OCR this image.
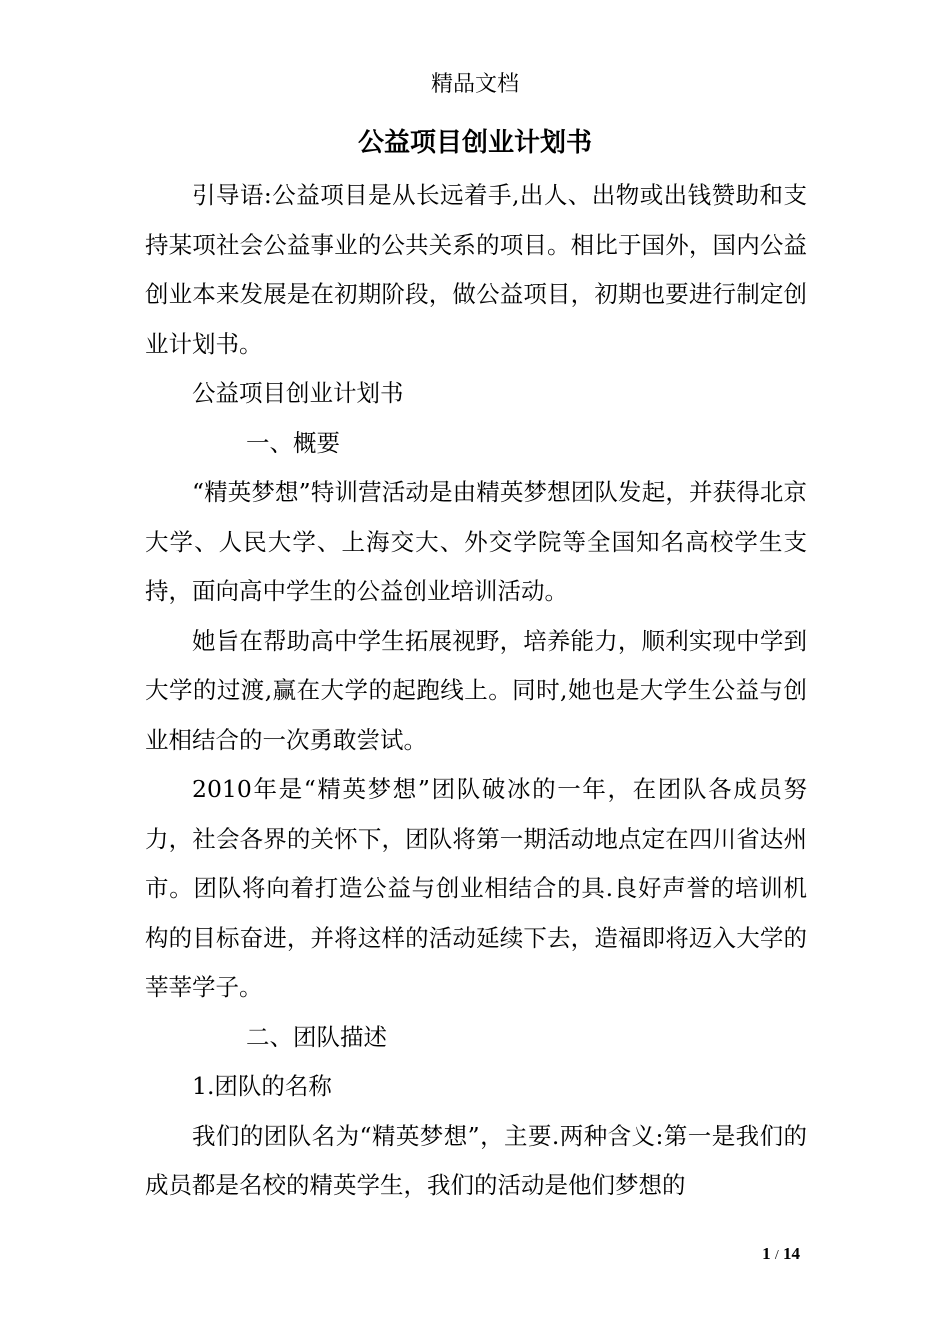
精品文档
公益项目创业计划书

引导语:公益项目是从长远着手,出人、出物或出钱赞助和支持某项社会公益事业的公共关系的项目。相比于国外，国内公益创业本来发展是在初期阶段，做公益项目，初期也要进行制定创业计划书。

公益项目创业计划书

一、概要

“精英梦想”特训营活动是由精英梦想团队发起，并获得北京大学、人民大学、上海交大、外交学院等全国知名高校学生支持，面向高中学生的公益创业培训活动。

她旨在帮助高中学生拓展视野，培养能力，顺利实现中学到大学的过渡,赢在大学的起跑线上。同时,她也是大学生公益与创业相结合的一次勇敢尝试。

2010年是“精英梦想”团队破冰的一年，在团队各成员努力，社会各界的关怀下，团队将第一期活动地点定在四川省达州市。团队将向着打造公益与创业相结合的具.良好声誉的培训机构的目标奋进，并将这样的活动延续下去，造福即将迈入大学的莘莘学子。

二、团队描述

1.团队的名称

我们的团队名为“精英梦想”，主要.两种含义:第一是我们的成员都是名校的精英学生，我们的活动是他们梦想的

1 / 14
